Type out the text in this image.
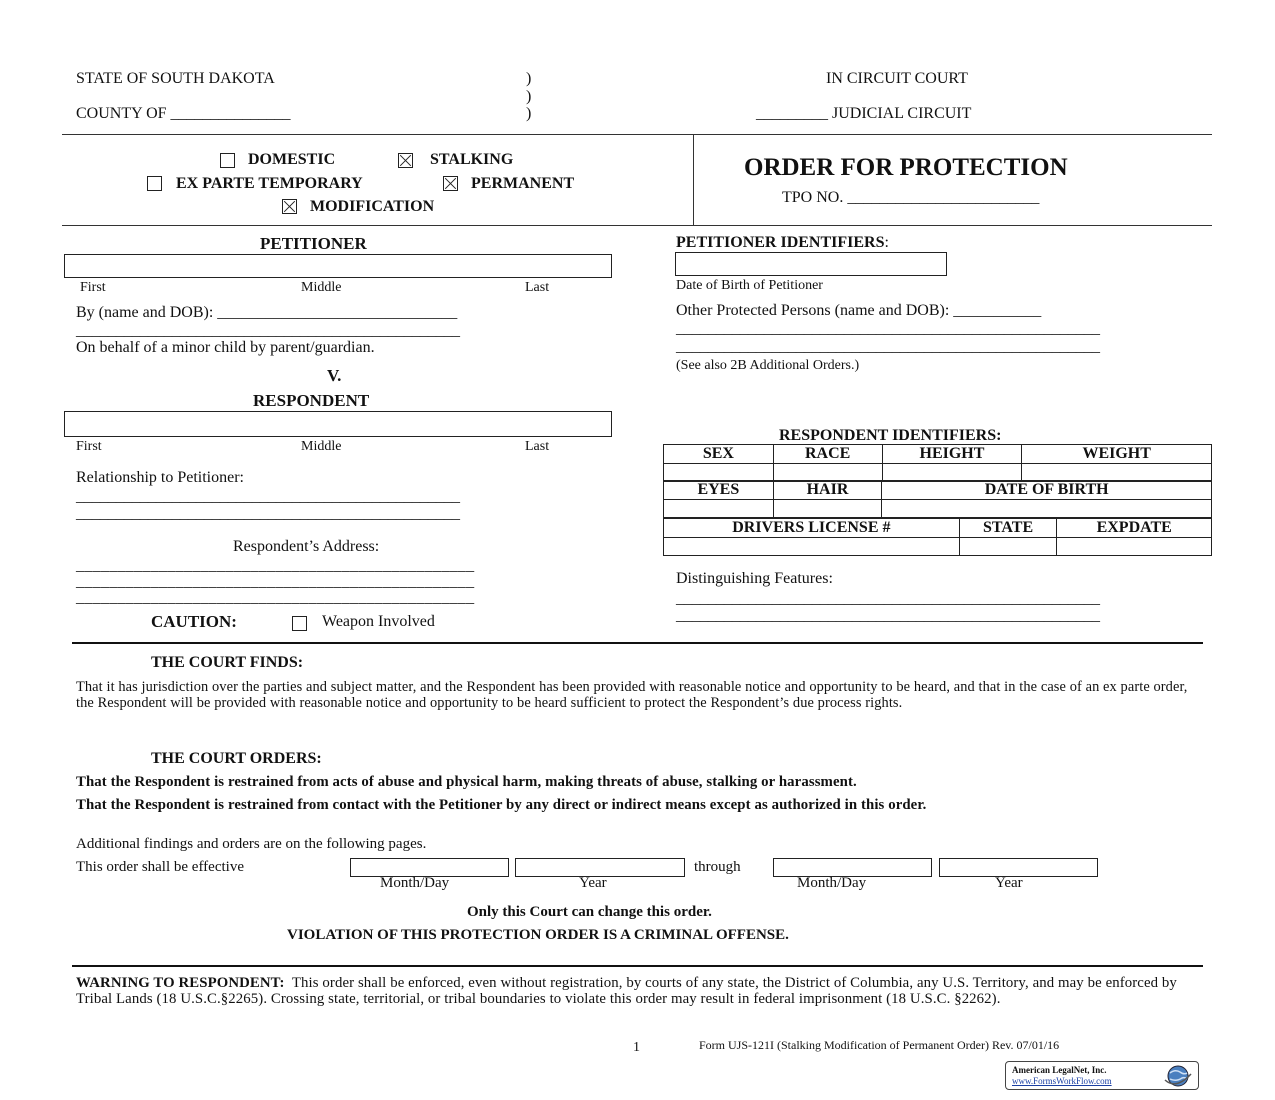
STATE OF SOUTH DAKOTA
COUNTY OF _______________
)
)
)
IN CIRCUIT COURT
_________ JUDICIAL CIRCUIT
DOMESTIC	STALKING
EX PARTE TEMPORARY	PERMANENT
MODIFICATION
ORDER FOR PROTECTION
TPO NO. ________________________
PETITIONER
First	Middle	Last
By (name and DOB): ______________________________
________________________________________________
On behalf of a minor child by parent/guardian.
V.
PETITIONER IDENTIFIERS:
Date of Birth of Petitioner
Other Protected Persons (name and DOB): ___________
_____________________________________________________
_____________________________________________________
(See also 2B Additional Orders.)
RESPONDENT
First	Middle	Last
Relationship to Petitioner:
________________________________________________
________________________________________________
Respondent’s Address:
________________________________________________
________________________________________________
________________________________________________
CAUTION:	Weapon Involved
RESPONDENT IDENTIFIERS:
SEX	RACE	HEIGHT	WEIGHT

EYES	HAIR	DATE OF BIRTH

DRIVERS LICENSE #	STATE	EXPDATE

Distinguishing Features:
_____________________________________________________
_____________________________________________________
THE COURT FINDS:
That it has jurisdiction over the parties and subject matter, and the Respondent has been provided with reasonable notice and opportunity to be heard, and that in the case of an ex parte order, the Respondent will be provided with reasonable notice and opportunity to be heard sufficient to protect the Respondent’s due process rights.
THE COURT ORDERS:
That the Respondent is restrained from acts of abuse and physical harm, making threats of abuse, stalking or harassment.
That the Respondent is restrained from contact with the Petitioner by any direct or indirect means except as authorized in this order.
Additional findings and orders are on the following pages.
This order shall be effective	through
Month/Day	Year	Month/Day	Year
Only this Court can change this order.
VIOLATION OF THIS PROTECTION ORDER IS A CRIMINAL OFFENSE.
WARNING TO RESPONDENT: This order shall be enforced, even without registration, by courts of any state, the District of Columbia, any U.S. Territory, and may be enforced by Tribal Lands (18 U.S.C.§2265). Crossing state, territorial, or tribal boundaries to violate this order may result in federal imprisonment (18 U.S.C. §2262).
1	Form UJS-121I (Stalking Modification of Permanent Order) Rev. 07/01/16
American LegalNet, Inc.
www.FormsWorkFlow.com
